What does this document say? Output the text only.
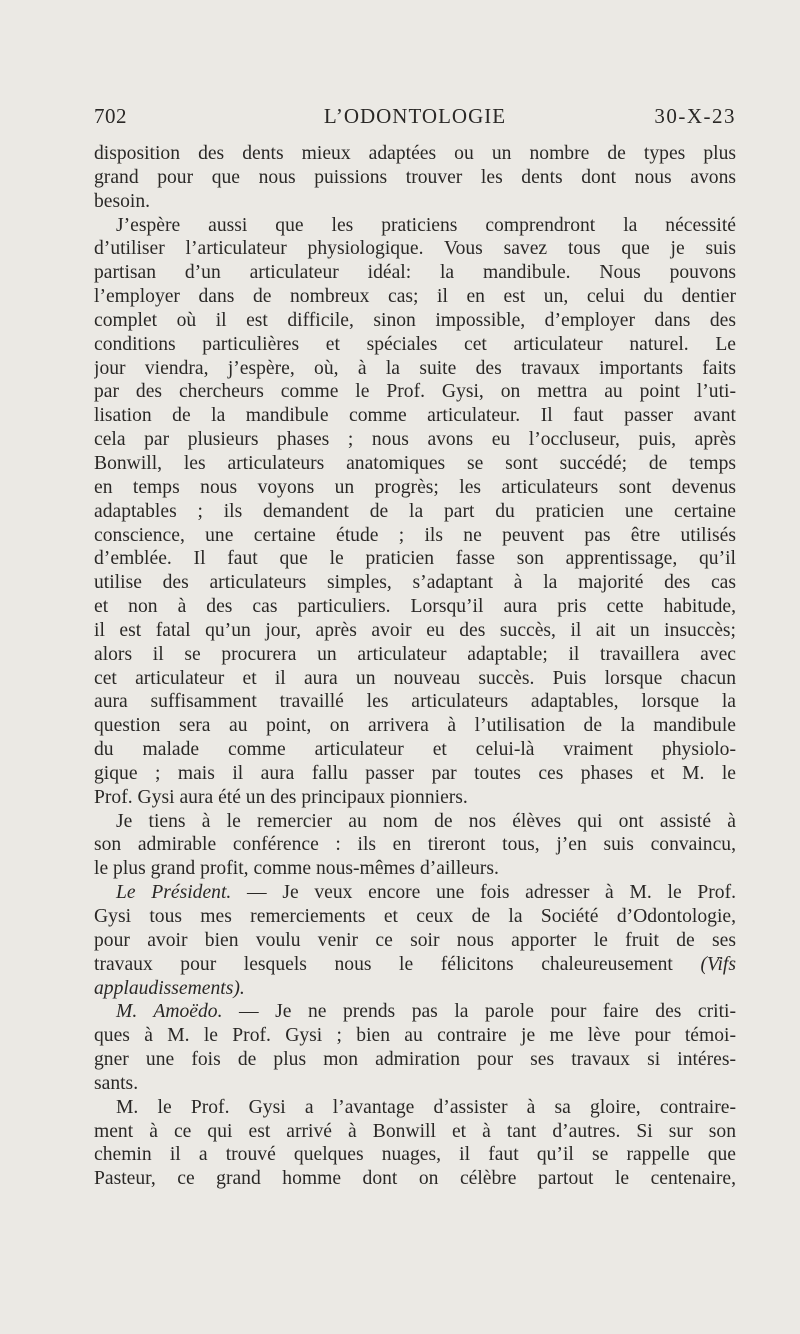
702	L’ODONTOLOGIE	30-X-23
disposition des dents mieux adaptées ou un nombre de types plus
grand pour que nous puissions trouver les dents dont nous avons
besoin.
J’espère aussi que les praticiens comprendront la nécessité
d’utiliser l’articulateur physiologique. Vous savez tous que je suis
partisan d’un articulateur idéal: la mandibule. Nous pouvons
l’employer dans de nombreux cas; il en est un, celui du dentier
complet où il est difficile, sinon impossible, d’employer dans des
conditions particulières et spéciales cet articulateur naturel. Le
jour viendra, j’espère, où, à la suite des travaux importants faits
par des chercheurs comme le Prof. Gysi, on mettra au point l’uti-
lisation de la mandibule comme articulateur. Il faut passer avant
cela par plusieurs phases ; nous avons eu l’occluseur, puis, après
Bonwill, les articulateurs anatomiques se sont succédé; de temps
en temps nous voyons un progrès; les articulateurs sont devenus
adaptables ; ils demandent de la part du praticien une certaine
conscience, une certaine étude ; ils ne peuvent pas être utilisés
d’emblée. Il faut que le praticien fasse son apprentissage, qu’il
utilise des articulateurs simples, s’adaptant à la majorité des cas
et non à des cas particuliers. Lorsqu’il aura pris cette habitude,
il est fatal qu’un jour, après avoir eu des succès, il ait un insuccès;
alors il se procurera un articulateur adaptable; il travaillera avec
cet articulateur et il aura un nouveau succès. Puis lorsque chacun
aura suffisamment travaillé les articulateurs adaptables, lorsque la
question sera au point, on arrivera à l’utilisation de la mandibule
du malade comme articulateur et celui-là vraiment physiolo-
gique ; mais il aura fallu passer par toutes ces phases et M. le
Prof. Gysi aura été un des principaux pionniers.
Je tiens à le remercier au nom de nos élèves qui ont assisté à
son admirable conférence : ils en tireront tous, j’en suis convaincu,
le plus grand profit, comme nous-mêmes d’ailleurs.
Le Président. — Je veux encore une fois adresser à M. le Prof.
Gysi tous mes remerciements et ceux de la Société d’Odontologie,
pour avoir bien voulu venir ce soir nous apporter le fruit de ses
travaux pour lesquels nous le félicitons chaleureusement (Vifs
applaudissements).
M. Amoëdo. — Je ne prends pas la parole pour faire des criti-
ques à M. le Prof. Gysi ; bien au contraire je me lève pour témoi-
gner une fois de plus mon admiration pour ses travaux si intéres-
sants.
M. le Prof. Gysi a l’avantage d’assister à sa gloire, contraire-
ment à ce qui est arrivé à Bonwill et à tant d’autres. Si sur son
chemin il a trouvé quelques nuages, il faut qu’il se rappelle que
Pasteur, ce grand homme dont on célèbre partout le centenaire,
